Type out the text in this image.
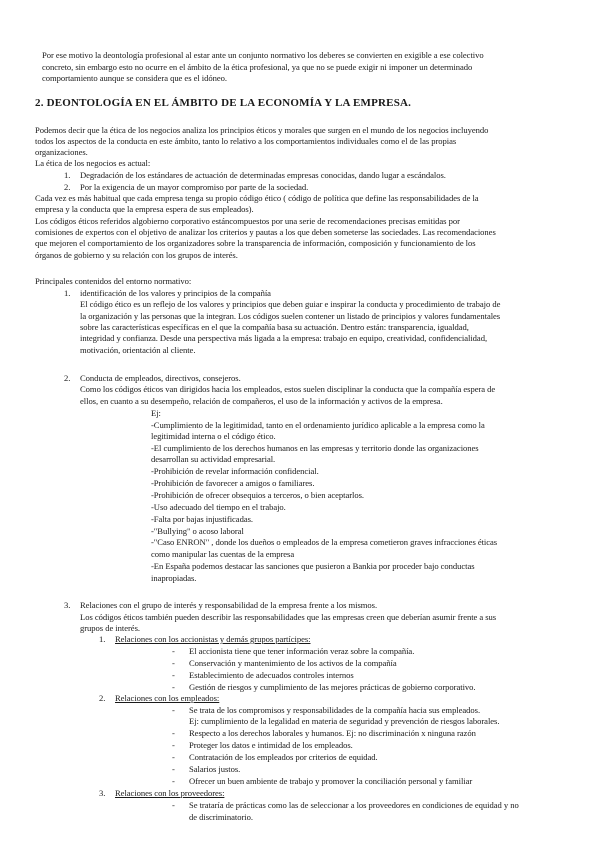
Por ese motivo la deontología profesional al estar ante un conjunto normativo los deberes se convierten en exigible a ese colectivo
concreto, sin embargo esto no ocurre en el ámbito de la ética profesional, ya que no se puede exigir ni imponer un determinado
comportamiento aunque se considera que es el idóneo.
2. DEONTOLOGÍA EN EL ÁMBITO DE LA ECONOMÍA Y LA EMPRESA.
Podemos decir que la ética de los negocios analiza los principios éticos y morales que surgen en el mundo de los negocios incluyendo
todos los aspectos de la conducta en este ámbito, tanto lo relativo a los comportamientos individuales como el de las propias
organizaciones.
La ética de los negocios es actual:
1. Degradación de los estándares de actuación de determinadas empresas conocidas, dando lugar a escándalos.
2. Por la exigencia de un mayor compromiso por parte de la sociedad.
Cada vez es más habitual que cada empresa tenga su propio código ético ( código de política que define las responsabilidades de la
empresa y la conducta que la empresa espera de sus empleados).
Los códigos éticos referidos algobierno corporativo estáncompuestos por una serie de recomendaciones precisas emitidas por
comisiones de expertos con el objetivo de analizar los criterios y pautas a los que deben someterse las sociedades. Las recomendaciones
que mejoren el comportamiento de los organizadores sobre la transparencia de información, composición y funcionamiento de los
órganos de gobierno y su relación con los grupos de interés.
Principales contenidos del entorno normativo:
1. identificación de los valores y principios de la compañía
El código ético es un reflejo de los valores y principios que deben guiar e inspirar la conducta y procedimiento de trabajo de
la organización y las personas que la integran. Los códigos suelen contener un listado de principios y valores fundamentales
sobre las características específicas en el que la compañía basa su actuación. Dentro están: transparencia, igualdad,
integridad y confianza. Desde una perspectiva más ligada a la empresa: trabajo en equipo, creatividad, confidencialidad,
motivación, orientación al cliente.
2. Conducta de empleados, directivos, consejeros.
Como los códigos éticos van dirigidos hacia los empleados, estos suelen disciplinar la conducta que la compañía espera de
ellos, en cuanto a su desempeño, relación de compañeros, el uso de la información y activos de la empresa.
Ej:
-Cumplimiento de la legitimidad, tanto en el ordenamiento jurídico aplicable a la empresa como la
legitimidad interna o el código ético.
-El cumplimiento de los derechos humanos en las empresas y territorio donde las organizaciones
desarrollan su actividad empresarial.
-Prohibición de revelar información confidencial.
-Prohibición de favorecer a amigos o familiares.
-Prohibición de ofrecer obsequios a terceros, o bien aceptarlos.
-Uso adecuado del tiempo en el trabajo.
-Falta por bajas injustificadas.
-"Bullying" o acoso laboral
-"Caso ENRON" , donde los dueños o empleados de la empresa cometieron graves infracciones éticas
como manipular las cuentas de la empresa
-En España podemos destacar las sanciones que pusieron a Bankia por proceder bajo conductas
inapropiadas.
3. Relaciones con el grupo de interés y responsabilidad de la empresa frente a los mismos.
Los códigos éticos también pueden describir las responsabilidades que las empresas creen que deberían asumir frente a sus
grupos de interés.
1. Relaciones con los accionistas y demás grupos partícipes:
- El accionista tiene que tener información veraz sobre la compañía.
- Conservación y mantenimiento de los activos de la compañía
- Establecimiento de adecuados controles internos
- Gestión de riesgos y cumplimiento de las mejores prácticas de gobierno corporativo.
2. Relaciones con los empleados:
- Se trata de los compromisos y responsabilidades de la compañía hacia sus empleados.
Ej: cumplimiento de la legalidad en materia de seguridad y prevención de riesgos laborales.
- Respecto a los derechos laborales y humanos. Ej: no discriminación x ninguna razón
- Proteger los datos e intimidad de los empleados.
- Contratación de los empleados por criterios de equidad.
- Salarios justos.
- Ofrecer un buen ambiente de trabajo y promover la conciliación personal y familiar
3. Relaciones con los proveedores:
- Se trataría de prácticas como las de seleccionar a los proveedores en condiciones de equidad y no
de discriminatorio.
